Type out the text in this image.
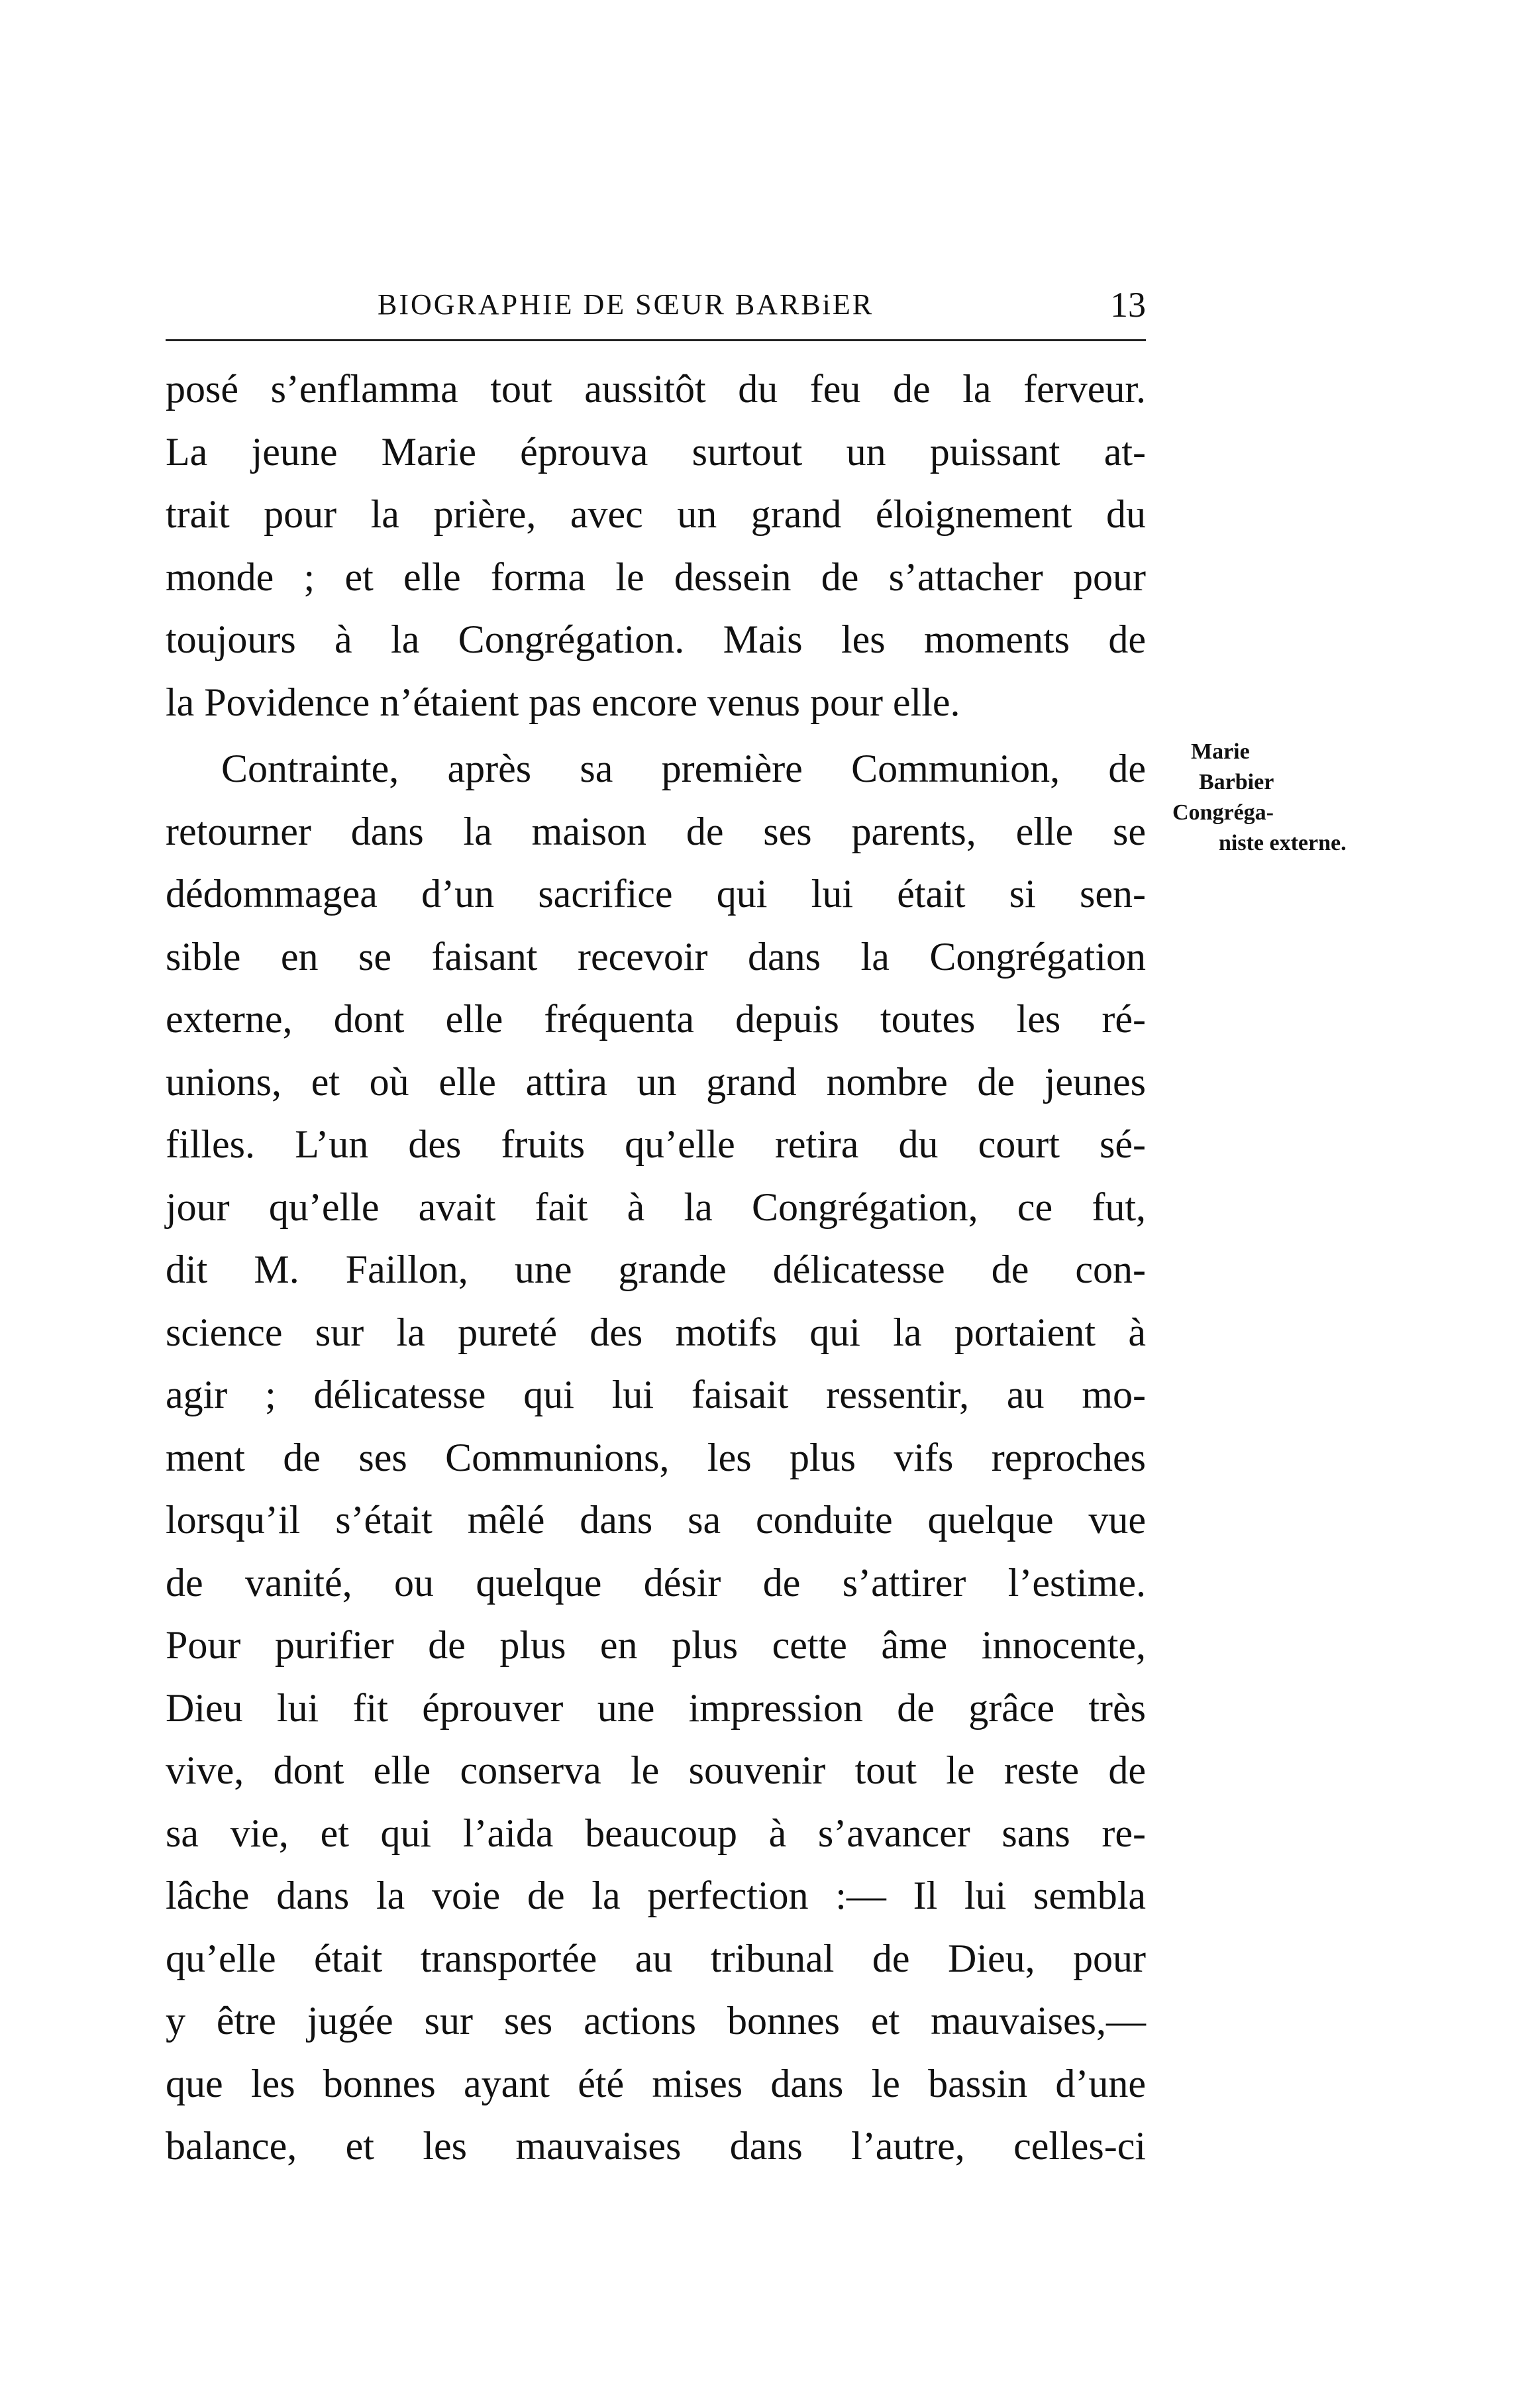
BIOGRAPHIE DE SŒUR BARBiER	13
posé s’enflamma tout aussitôt du feu de la ferveur.
La jeune Marie éprouva surtout un puissant at-
trait pour la prière, avec un grand éloignement du
monde ; et elle forma le dessein de s’attacher pour
toujours à la Congrégation. Mais les moments de
la Povidence n’étaient pas encore venus pour elle.
Contrainte, après sa première Communion, de
retourner dans la maison de ses parents, elle se
dédommagea d’un sacrifice qui lui était si sen-
sible en se faisant recevoir dans la Congrégation
externe, dont elle fréquenta depuis toutes les ré-
unions, et où elle attira un grand nombre de jeunes
filles. L’un des fruits qu’elle retira du court sé-
jour qu’elle avait fait à la Congrégation, ce fut,
dit M. Faillon, une grande délicatesse de con-
science sur la pureté des motifs qui la portaient à
agir ; délicatesse qui lui faisait ressentir, au mo-
ment de ses Communions, les plus vifs reproches
lorsqu’il s’était mêlé dans sa conduite quelque vue
de vanité, ou quelque désir de s’attirer l’estime.
Pour purifier de plus en plus cette âme innocente,
Dieu lui fit éprouver une impression de grâce très
vive, dont elle conserva le souvenir tout le reste de
sa vie, et qui l’aida beaucoup à s’avancer sans re-
lâche dans la voie de la perfection :— Il lui sembla
qu’elle était transportée au tribunal de Dieu, pour
y être jugée sur ses actions bonnes et mauvaises,—
que les bonnes ayant été mises dans le bassin d’une
balance, et les mauvaises dans l’autre, celles-ci
Marie
Barbier
Congréga-
niste externe.
